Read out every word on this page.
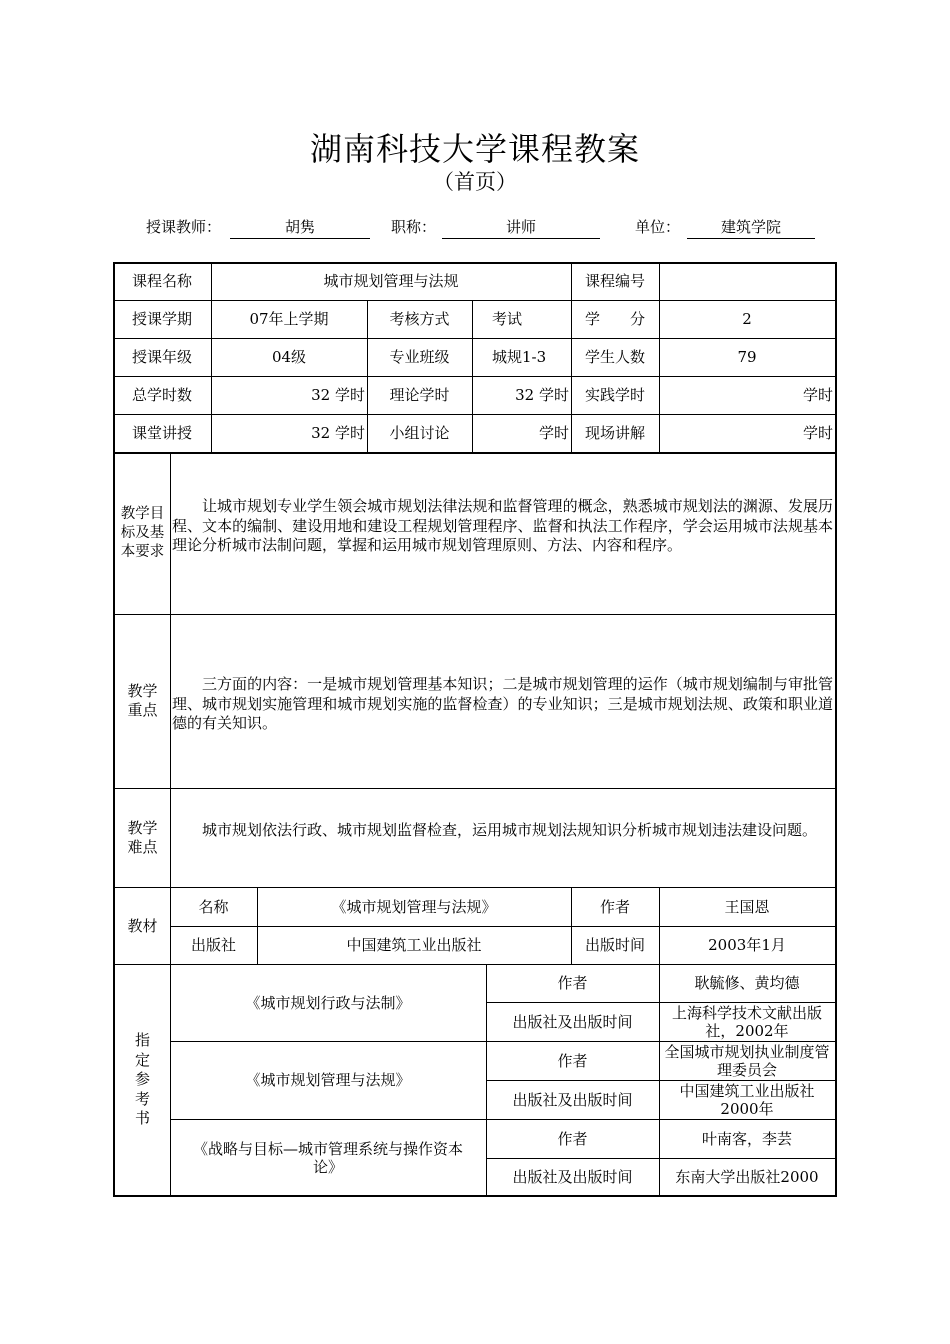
湖南科技大学课程教案
（首页）
授课教师：	胡隽	职称：	讲师	单位：	建筑学院
课程名称	城市规划管理与法规	课程编号
授课学期	07年上学期	考核方式	考试	学　　分	2
授课年级	04级	专业班级	城规1-3	学生人数	79
总学时数	32 学时	理论学时	32 学时	实践学时	学时
课堂讲授	32 学时	小组讨论	学时	现场讲解	学时
教学目标及基本要求
让城市规划专业学生领会城市规划法律法规和监督管理的概念，熟悉城市规划法的渊源、发展历程、文本的编制、建设用地和建设工程规划管理程序、监督和执法工作程序，学会运用城市法规基本理论分析城市法制问题，掌握和运用城市规划管理原则、方法、内容和程序。
教学重点
三方面的内容：一是城市规划管理基本知识；二是城市规划管理的运作（城市规划编制与审批管理、城市规划实施管理和城市规划实施的监督检查）的专业知识；三是城市规划法规、政策和职业道德的有关知识。
教学难点
城市规划依法行政、城市规划监督检查，运用城市规划法规知识分析城市规划违法建设问题。
教材
名称	《城市规划管理与法规》	作者	王国恩
出版社	中国建筑工业出版社	出版时间	2003年1月
指定参考书
《城市规划行政与法制》
作者	耿毓修、黄均德
出版社及出版时间	上海科学技术文献出版社，2002年
《城市规划管理与法规》
作者	全国城市规划执业制度管理委员会
出版社及出版时间	中国建筑工业出版社2000年
《战略与目标—城市管理系统与操作资本论》
作者	叶南客，李芸
出版社及出版时间	东南大学出版社2000
